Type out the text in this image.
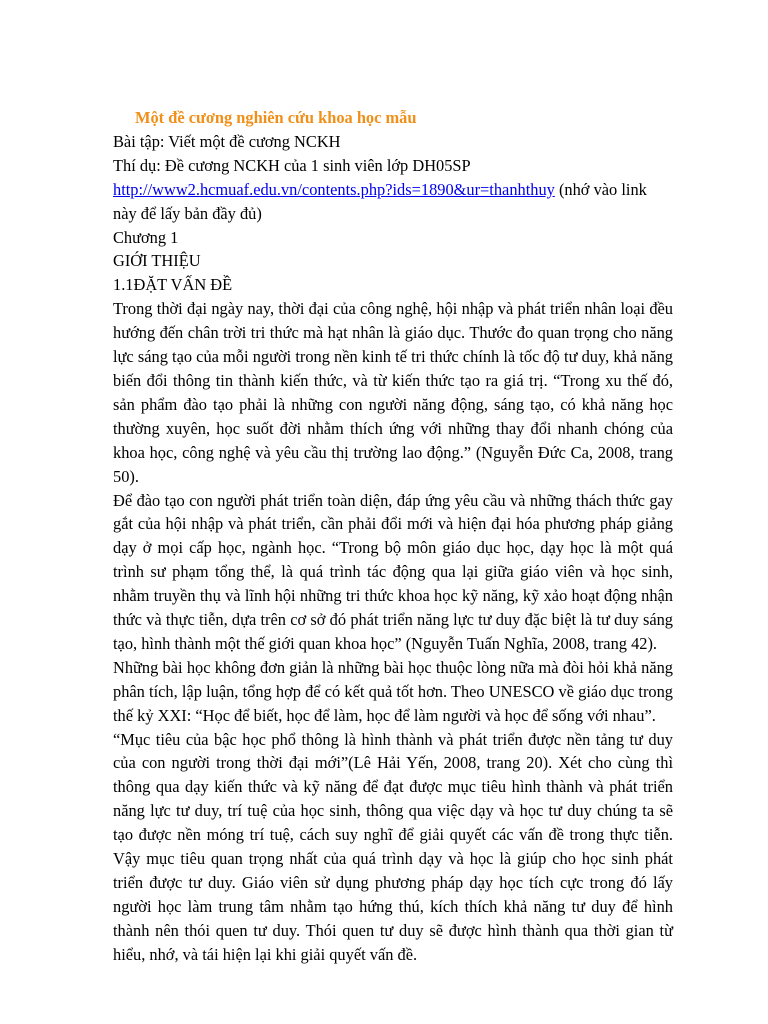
Một đề cương nghiên cứu khoa học mẫu
Bài tập: Viết một đề cương NCKH
Thí dụ: Đề cương NCKH của 1 sinh viên lớp DH05SP
http://www2.hcmuaf.edu.vn/contents.php?ids=1890&ur=thanhthuy (nhớ vào link này để lấy bản đầy đủ)
Chương 1
GIỚI THIỆU
1.1ĐẶT VẤN ĐỀ

Trong thời đại ngày nay, thời đại của công nghệ, hội nhập và phát triển nhân loại đều hướng đến chân trời tri thức mà hạt nhân là giáo dục. Thước đo quan trọng cho năng lực sáng tạo của mỗi người trong nền kinh tế tri thức chính là tốc độ tư duy, khả năng biến đổi thông tin thành kiến thức, và từ kiến thức tạo ra giá trị. “Trong xu thế đó, sản phẩm đào tạo phải là những con người năng động, sáng tạo, có khả năng học thường xuyên, học suốt đời nhằm thích ứng với những thay đổi nhanh chóng của khoa học, công nghệ và yêu cầu thị trường lao động.” (Nguyễn Đức Ca, 2008, trang 50).

Để đào tạo con người phát triển toàn diện, đáp ứng yêu cầu và những thách thức gay gắt của hội nhập và phát triển, cần phải đổi mới và hiện đại hóa phương pháp giảng dạy ở mọi cấp học, ngành học. “Trong bộ môn giáo dục học, dạy học là một quá trình sư phạm tổng thể, là quá trình tác động qua lại giữa giáo viên và học sinh, nhằm truyền thụ và lĩnh hội những tri thức khoa học kỹ năng, kỹ xảo hoạt động nhận thức và thực tiễn, dựa trên cơ sở đó phát triển năng lực tư duy đặc biệt là tư duy sáng tạo, hình thành một thế giới quan khoa học” (Nguyễn Tuấn Nghĩa, 2008, trang 42).

Những bài học không đơn giản là những bài học thuộc lòng nữa mà đòi hỏi khả năng phân tích, lập luận, tổng hợp để có kết quả tốt hơn. Theo UNESCO về giáo dục trong thế kỷ XXI: “Học để biết, học để làm, học để làm người và học để sống với nhau”.

“Mục tiêu của bậc học phổ thông là hình thành và phát triển được nền tảng tư duy của con người trong thời đại mới”(Lê Hải Yến, 2008, trang 20). Xét cho cùng thì thông qua dạy kiến thức và kỹ năng để đạt được mục tiêu hình thành và phát triển năng lực tư duy, trí tuệ của học sinh, thông qua việc dạy và học tư duy chúng ta sẽ tạo được nền móng trí tuệ, cách suy nghĩ để giải quyết các vấn đề trong thực tiễn. Vậy mục tiêu quan trọng nhất của quá trình dạy và học là giúp cho học sinh phát triển được tư duy. Giáo viên sử dụng phương pháp dạy học tích cực trong đó lấy người học làm trung tâm nhằm tạo hứng thú, kích thích khả năng tư duy để hình thành nên thói quen tư duy. Thói quen tư duy sẽ được hình thành qua thời gian từ hiểu, nhớ, và tái hiện lại khi giải quyết vấn đề.
